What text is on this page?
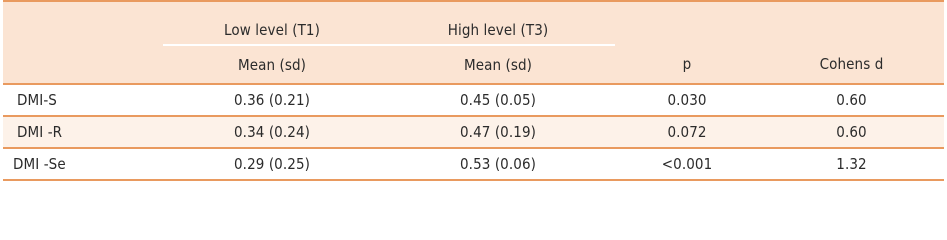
	Low level (T1)	High level (T3)		
	Mean (sd)	Mean (sd)	p	Cohens d
DMI-S	0.36 (0.21)	0.45 (0.05)	0.030	0.60
DMI -R	0.34 (0.24)	0.47 (0.19)	0.072	0.60
DMI -Se	0.29 (0.25)	0.53 (0.06)	<0.001	1.32
